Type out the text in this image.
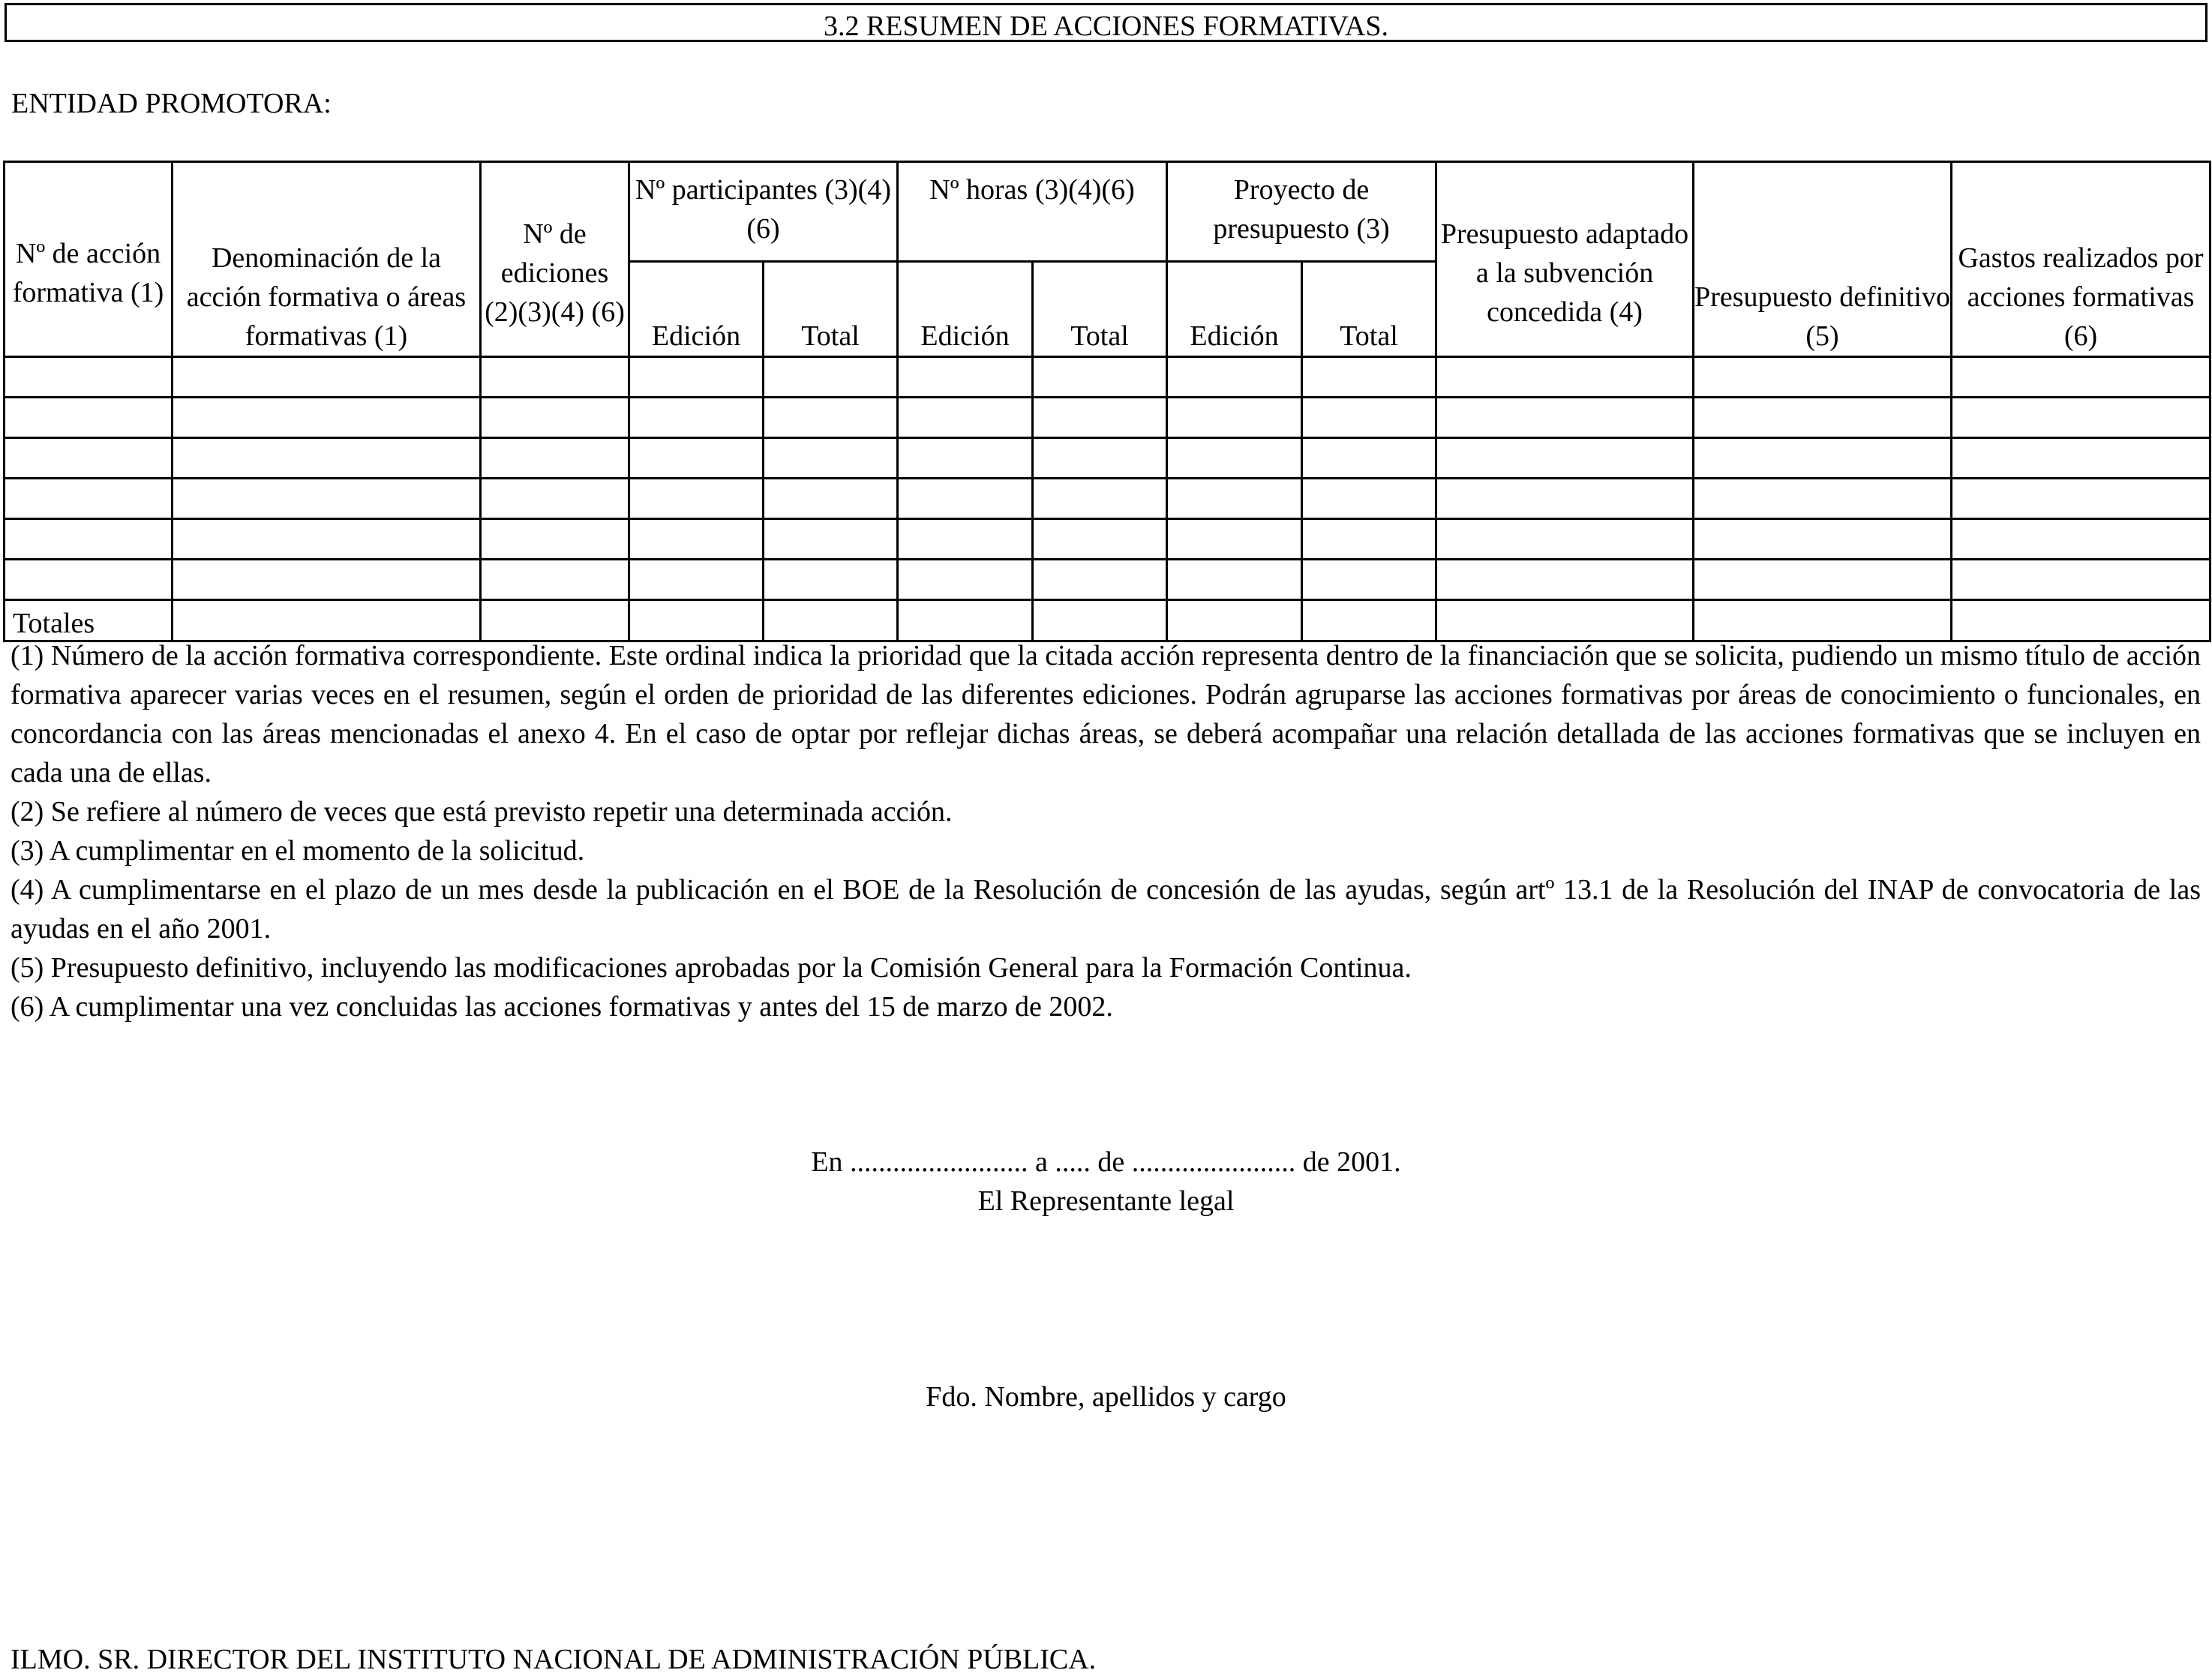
3.2 RESUMEN DE ACCIONES FORMATIVAS.
ENTIDAD PROMOTORA:
Nº de acción formativa (1)	Denominación de la acción formativa o áreas formativas (1)	Nº de ediciones (2)(3)(4) (6)	Nº participantes (3)(4)(6)		Nº horas (3)(4)(6)		Proyecto de presupuesto (3)		Presupuesto adaptado a la subvención concedida (4)	Presupuesto definitivo (5)	Gastos realizados por acciones formativas (6)
			Edición	Total	Edición	Total	Edición	Total			

Totales											

(1) Número de la acción formativa correspondiente. Este ordinal indica la prioridad que la citada acción representa dentro de la financiación que se solicita, pudiendo un mismo título de acción formativa aparecer varias veces en el resumen, según el orden de prioridad de las diferentes ediciones. Podrán agruparse las acciones formativas por áreas de conocimiento o funcionales, en concordancia con las áreas mencionadas el anexo 4. En el caso de optar por reflejar dichas áreas, se deberá acompañar una relación detallada de las acciones formativas que se incluyen en cada una de ellas.

(2) Se refiere al número de veces que está previsto repetir una determinada acción.

(3) A cumplimentar en el momento de la solicitud.

(4) A cumplimentarse en el plazo de un mes desde la publicación en el BOE de la Resolución de concesión de las ayudas, según artº 13.1 de la Resolución del INAP de convocatoria de las ayudas en el año 2001.

(5) Presupuesto definitivo, incluyendo las modificaciones aprobadas por la Comisión General para la Formación Continua.

(6) A cumplimentar una vez concluidas las acciones formativas y antes del 15 de marzo de 2002.

En ......................... a ..... de ....................... de 2001.
El Representante legal
Fdo. Nombre, apellidos y cargo
ILMO. SR. DIRECTOR DEL INSTITUTO NACIONAL DE ADMINISTRACIÓN PÚBLICA.
